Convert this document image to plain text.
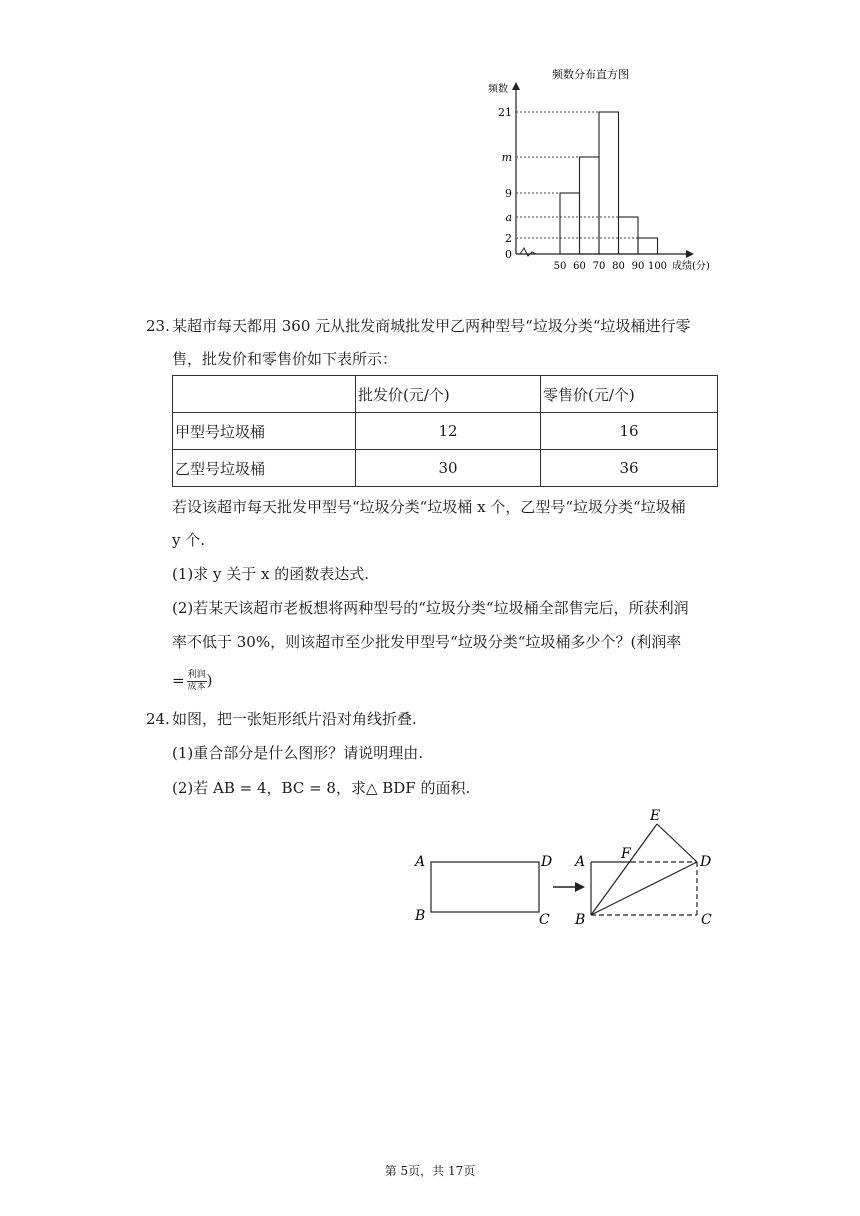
频数分布直方图
频数
21
m
9
a
2
0
50 60 70 80 90 100 成绩(分)
23. 某超市每天都用 360 元从批发商城批发甲乙两种型号“垃圾分类“垃圾桶进行零
售，批发价和零售价如下表所示：
	批发价(元/个)	零售价(元/个)
甲型号垃圾桶	12	16
乙型号垃圾桶	30	36
若设该超市每天批发甲型号“垃圾分类“垃圾桶 x 个，乙型号“垃圾分类“垃圾桶
y 个.
(1)求 y 关于 x 的函数表达式.
(2)若某天该超市老板想将两种型号的“垃圾分类“垃圾桶全部售完后，所获利润
率不低于 30%，则该超市至少批发甲型号“垃圾分类“垃圾桶多少个？(利润率
= $\frac{\text{利润}}{\text{成本}}$ )
24. 如图，把一张矩形纸片沿对角线折叠.
(1)重合部分是什么图形？请说明理由.
(2)若 AB = 4，BC = 8，求△ BDF 的面积.
A	D
B	C
E
F
A	D
B	C
第 5页，共 17页
